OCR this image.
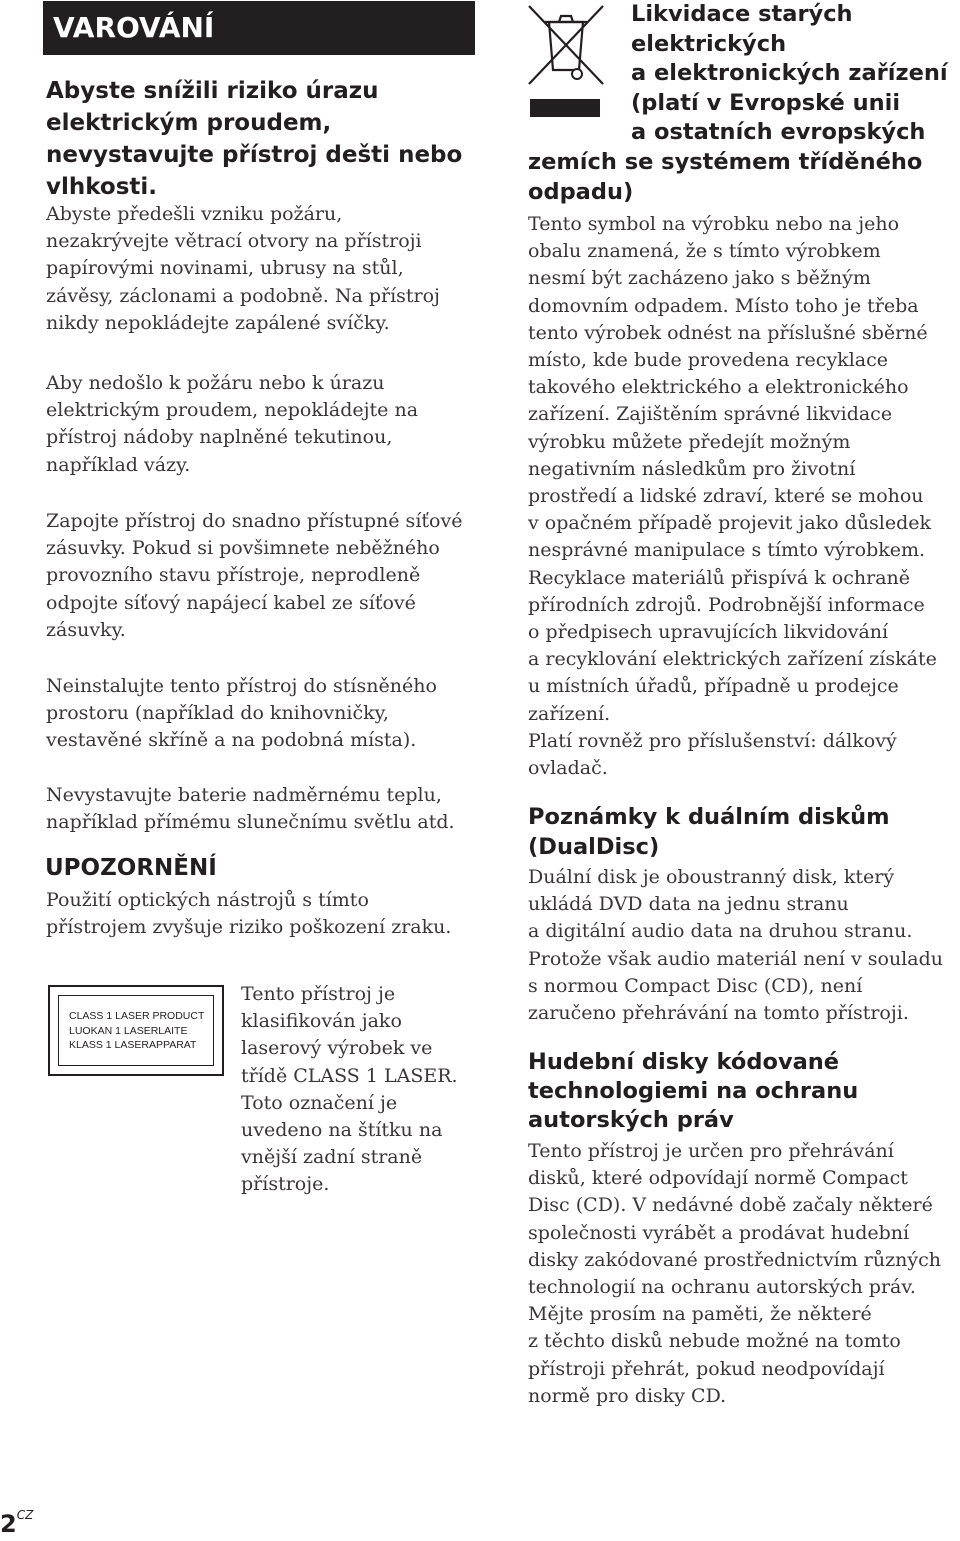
VAROVÁNÍ
Abyste snížili riziko úrazu
elektrickým proudem,
nevystavujte přístroj dešti nebo
vlhkosti.
Abyste předešli vzniku požáru,
nezakrývejte větrací otvory na přístroji
papírovými novinami, ubrusy na stůl,
závěsy, záclonami a podobně. Na přístroj
nikdy nepokládejte zapálené svíčky.
Aby nedošlo k požáru nebo k úrazu
elektrickým proudem, nepokládejte na
přístroj nádoby naplněné tekutinou,
například vázy.
Zapojte přístroj do snadno přístupné síťové
zásuvky. Pokud si povšimnete neběžného
provozního stavu přístroje, neprodleně
odpojte síťový napájecí kabel ze síťové
zásuvky.
Neinstalujte tento přístroj do stísněného
prostoru (například do knihovničky,
vestavěné skříně a na podobná místa).
Nevystavujte baterie nadměrnému teplu,
například přímému slunečnímu světlu atd.
UPOZORNĚNÍ
Použití optických nástrojů s tímto
přístrojem zvyšuje riziko poškození zraku.
CLASS 1 LASER PRODUCT
LUOKAN 1 LASERLAITE
KLASS 1 LASERAPPARAT
Tento přístroj je
klasifikován jako
laserový výrobek ve
třídě CLASS 1 LASER.
Toto označení je
uvedeno na štítku na
vnější zadní straně
přístroje.
Likvidace starých
elektrických
a elektronických zařízení
(platí v Evropské unii
a ostatních evropských
zemích se systémem tříděného
odpadu)
Tento symbol na výrobku nebo na jeho
obalu znamená, že s tímto výrobkem
nesmí být zacházeno jako s běžným
domovním odpadem. Místo toho je třeba
tento výrobek odnést na příslušné sběrné
místo, kde bude provedena recyklace
takového elektrického a elektronického
zařízení. Zajištěním správné likvidace
výrobku můžete předejít možným
negativním následkům pro životní
prostředí a lidské zdraví, které se mohou
v opačném případě projevit jako důsledek
nesprávné manipulace s tímto výrobkem.
Recyklace materiálů přispívá k ochraně
přírodních zdrojů. Podrobnější informace
o předpisech upravujících likvidování
a recyklování elektrických zařízení získáte
u místních úřadů, případně u prodejce
zařízení.
Platí rovněž pro příslušenství: dálkový
ovladač.
Poznámky k duálním diskům
(DualDisc)
Duální disk je oboustranný disk, který
ukládá DVD data na jednu stranu
a digitální audio data na druhou stranu.
Protože však audio materiál není v souladu
s normou Compact Disc (CD), není
zaručeno přehrávání na tomto přístroji.
Hudební disky kódované
technologiemi na ochranu
autorských práv
Tento přístroj je určen pro přehrávání
disků, které odpovídají normě Compact
Disc (CD). V nedávné době začaly některé
společnosti vyrábět a prodávat hudební
disky zakódované prostřednictvím různých
technologií na ochranu autorských práv.
Mějte prosím na paměti, že některé
z těchto disků nebude možné na tomto
přístroji přehrát, pokud neodpovídají
normě pro disky CD.
$2^{CZ}$
